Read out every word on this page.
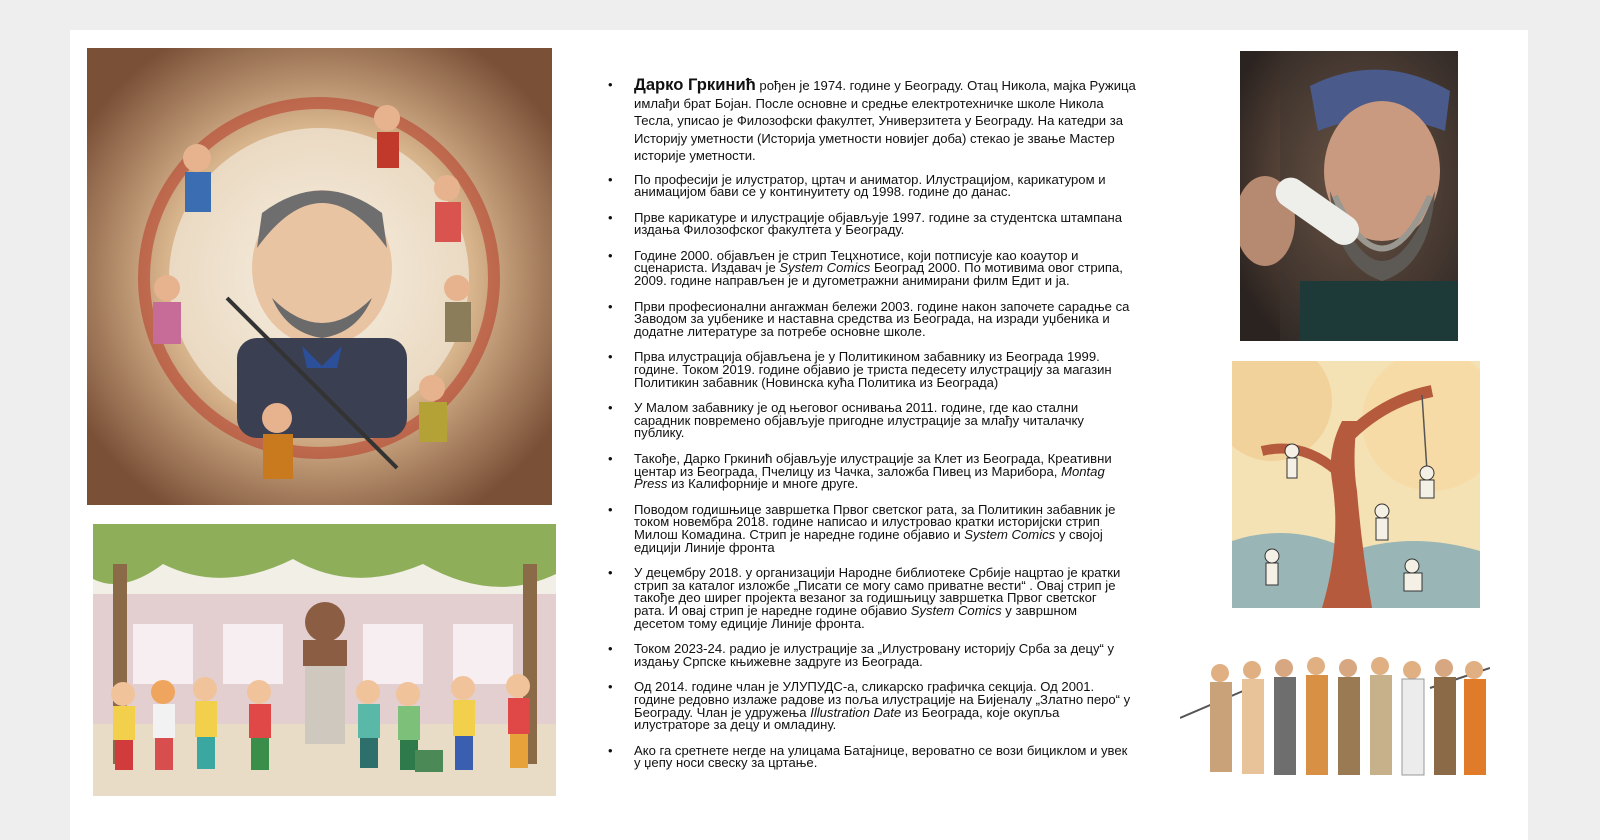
• Дарко Гркинић рођен је 1974. године у Београду. Отац Никола, мајка Ружица
имлађи брат Бојан. После основне и средње електротехничке школе Никола
Тесла, уписао је Филозофски факултет, Универзитета у Београду. На катедри за
Историју уметности (Историја уметности новијег доба) стекао је звање Мастер
историје уметности.
• По професији је илустратор, цртач и аниматор. Илустрацијом, карикатуром и
анимацијом бави се у континуитету од 1998. године до данас.
• Прве карикатуре и илустрације објављује 1997. године за студентска штампана
издања Филозофског факултета у Београду.
• Године 2000. објављен је стрип Тецхнотисе, који потписује као коаутор и
сценариста. Издавач је System Comics Београд 2000. По мотивима овог стрипа,
2009. године направљен је и дугометражни анимирани филм Едит и ја.
• Први професионални ангажман бележи 2003. године након започете сарадње са
Заводом за уџбенике и наставна средства из Београда, на изради уџбеника и
додатне литературе за потребе основне школе.
• Прва илустрација објављена је у Политикином забавнику из Београда 1999.
године. Током 2019. године објавио је триста педесету илустрацију за магазин
Политикин забавник (Новинска кућа Политика из Београда)
• У Малом забавнику је од његовог оснивања 2011. године, где као стални
сарадник повремено објављује пригодне илустрације за млађу читалачку
публику.
• Такође, Дарко Гркинић објављује илустрације за Клет из Београда, Креативни
центар из Београда, Пчелицу из Чачка, заложба Пивец из Марибора, Montag
Press из Калифорније и многе друге.
• Поводом годишњице завршетка Првог светског рата, за Политикин забавник је
током новембра 2018. године написао и илустровао кратки историјски стрип
Милош Комадина. Стрип је наредне године објавио и System Comics у својој
едицији Линије фронта
• У децембру 2018. у организацији Народне библиотеке Србије нацртао је кратки
стрип за каталог изложбе „Писати се могу само приватне вести“ . Овај стрип је
такође део ширег пројекта везаног за годишњицу завршетка Првог светског
рата. И овај стрип је наредне године објавио System Comics у завршном
десетом тому едиције Линије фронта.
• Током 2023-24. радио је илустрације за „Илустровану историју Срба за децу“ у
издању Српске књижевне задруге из Београда.
• Од 2014. године члан је УЛУПУДС-а, сликарско графичка секција. Од 2001.
године редовно излаже радове из поља илустрације на Бијеналу „Златно перо“ у
Београду. Члан је удружења Illustration Date из Београда, које окупља
илустраторе за децу и омладину.
• Ако га сретнете негде на улицама Батајнице, вероватно се вози бициклом и увек
у џепу носи свеску за цртање.
